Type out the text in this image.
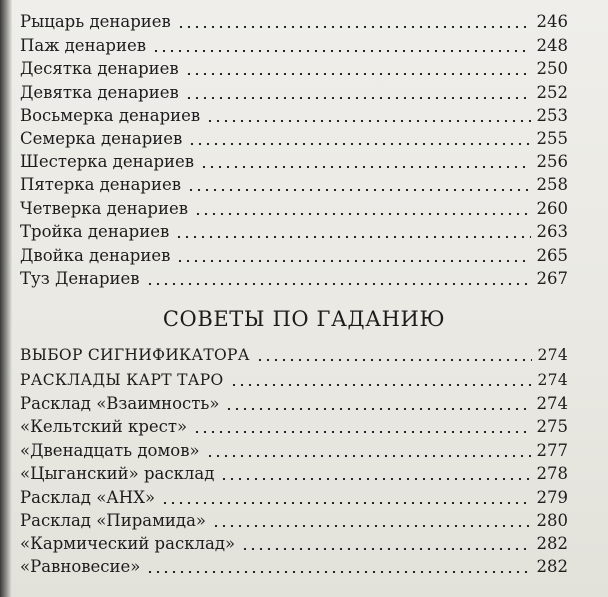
Рыцарь денариев	246
Паж денариев	248
Десятка денариев	250
Девятка денариев	252
Восьмерка денариев	253
Семерка денариев	255
Шестерка денариев	256
Пятерка денариев	258
Четверка денариев	260
Тройка денариев	263
Двойка денариев	265
Туз Денариев	267
СОВЕТЫ ПО ГАДАНИЮ
ВЫБОР СИГНИФИКАТОРА	274
РАСКЛАДЫ КАРТ ТАРО	274
Расклад «Взаимность»	274
«Кельтский крест»	275
«Двенадцать домов»	277
«Цыганский» расклад	278
Расклад «АНХ»	279
Расклад «Пирамида»	280
«Кармический расклад»	282
«Равновесие»	282
